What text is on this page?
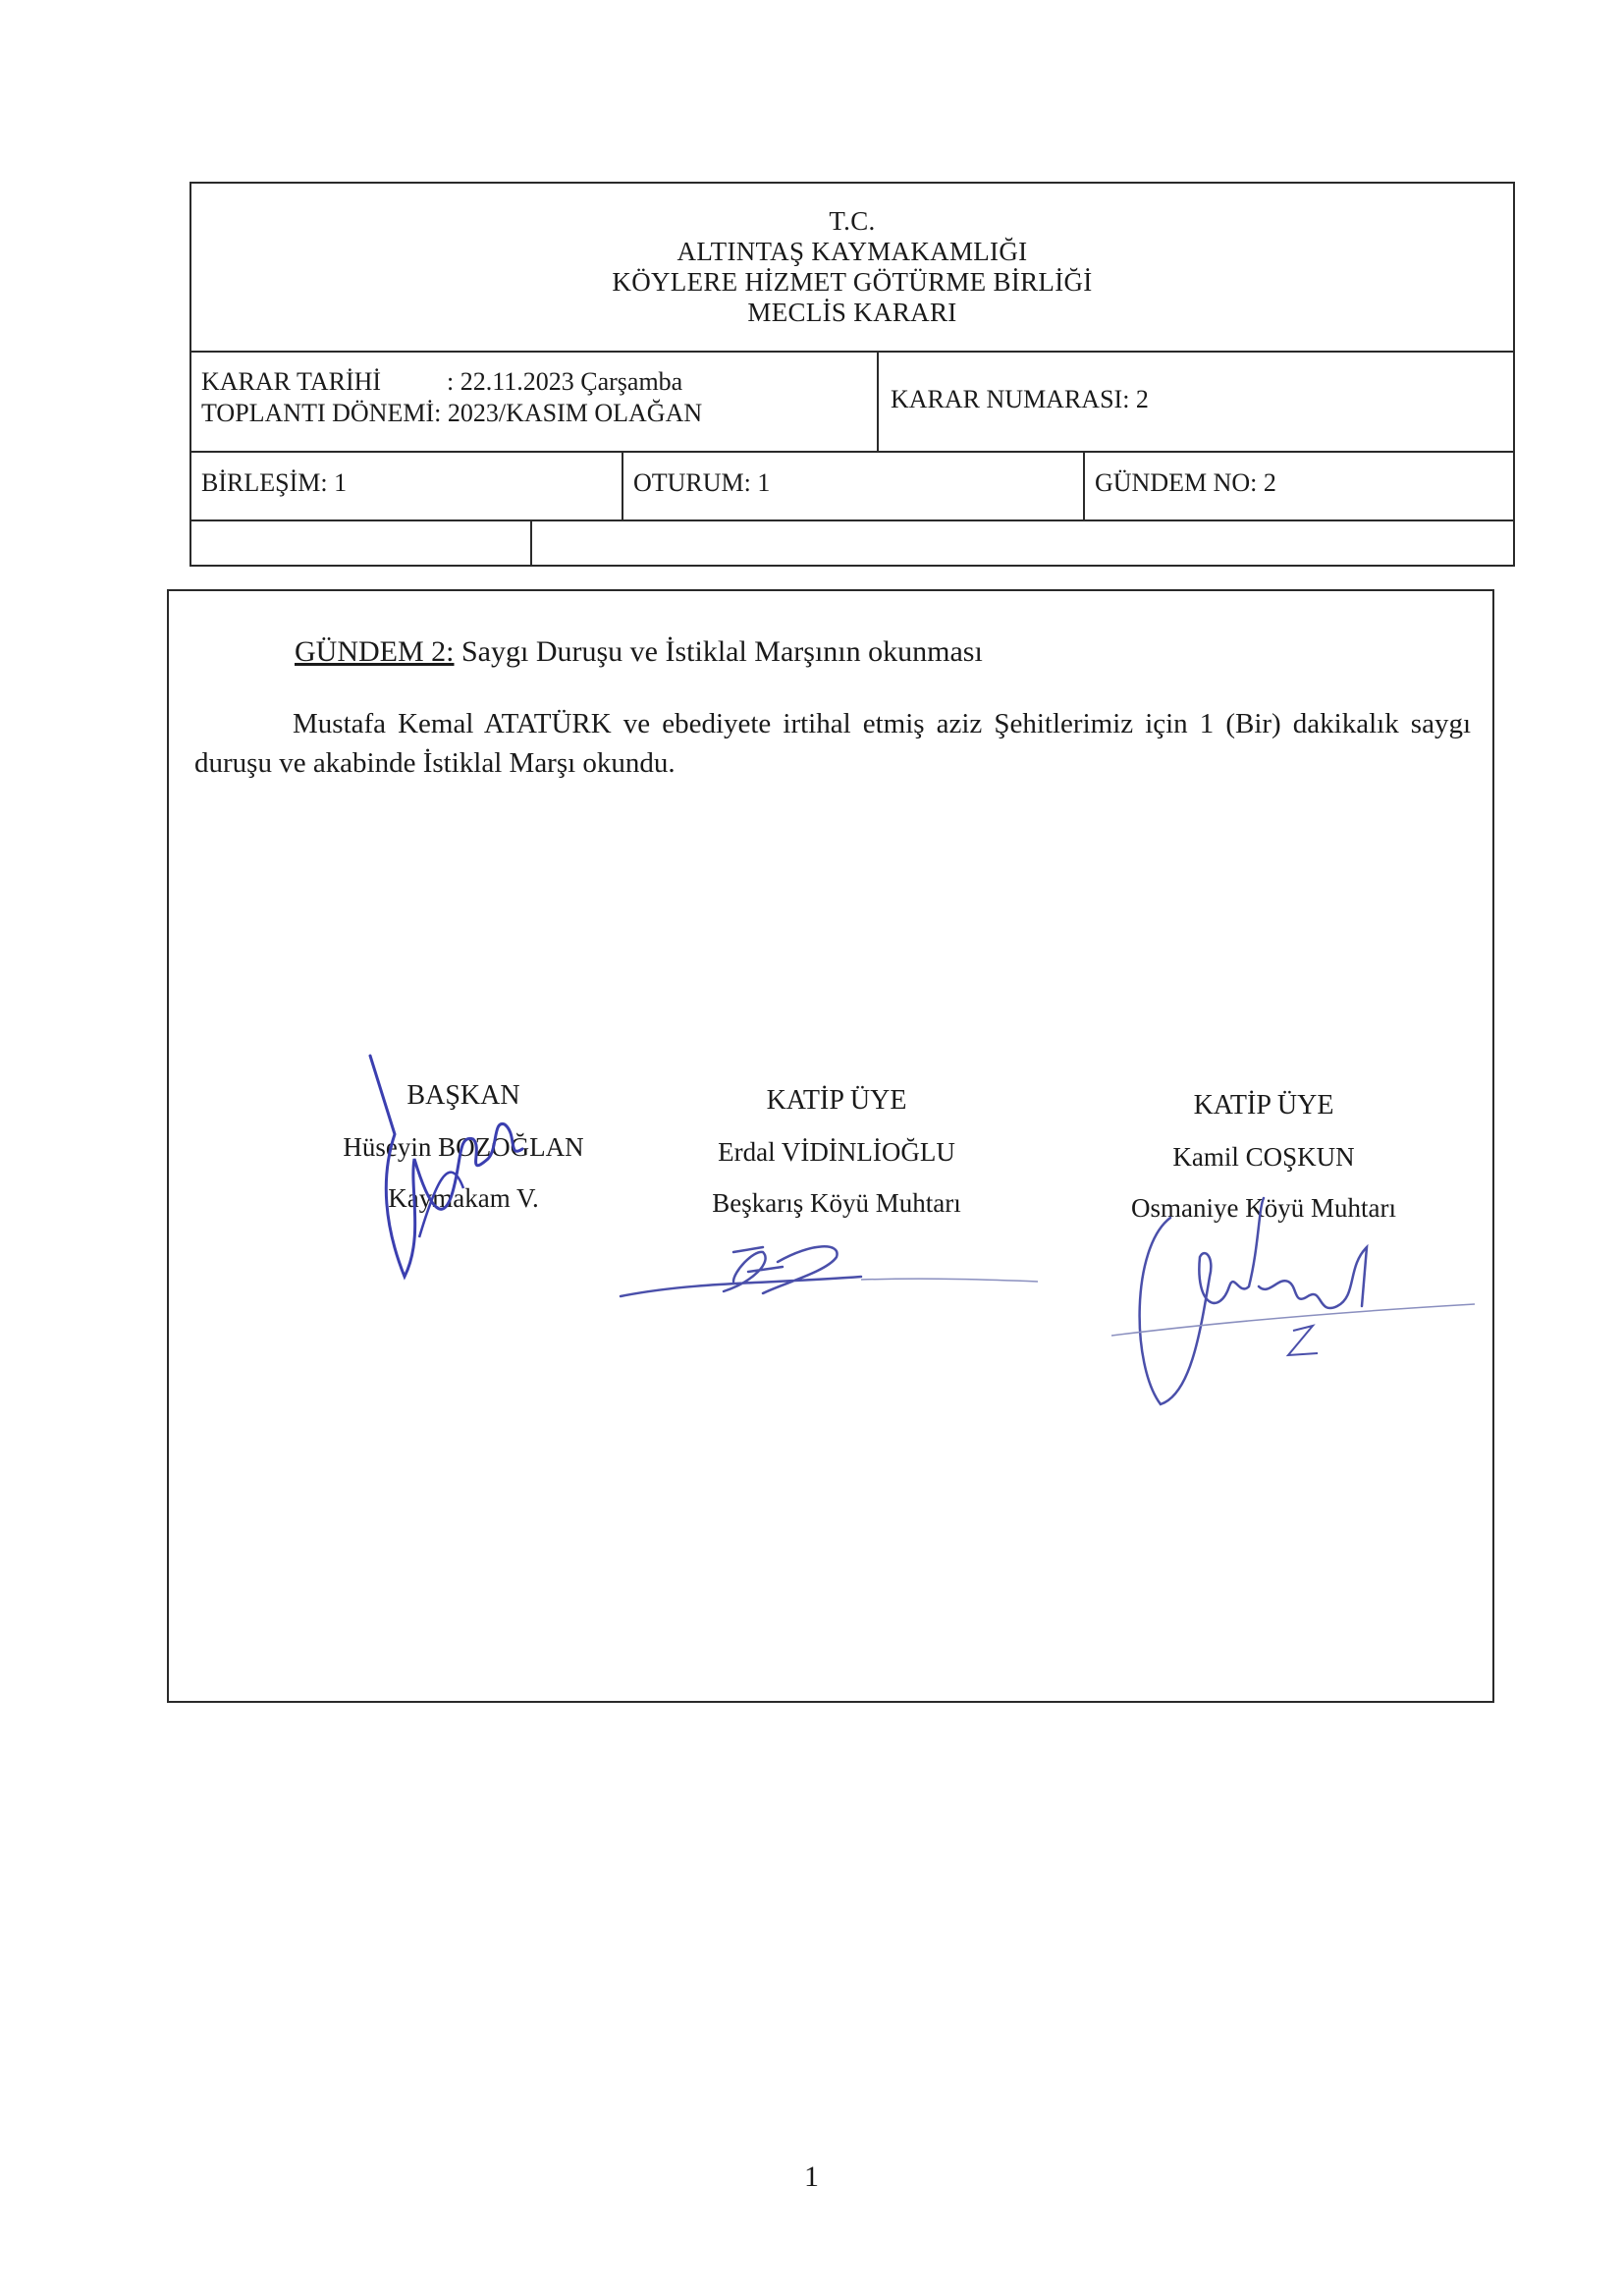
T.C.
ALTINTAŞ KAYMAKAMLIĞI
KÖYLERE HİZMET GÖTÜRME BİRLİĞİ
MECLİS KARARI
KARAR TARİHİ	: 22.11.2023 Çarşamba
TOPLANTI DÖNEMİ: 2023/KASIM OLAĞAN	KARAR NUMARASI: 2
BİRLEŞİM: 1	OTURUM: 1	GÜNDEM NO: 2
GÜNDEM 2: Saygı Duruşu ve İstiklal Marşının okunması
Mustafa Kemal ATATÜRK ve ebediyete irtihal etmiş aziz Şehitlerimiz için 1 (Bir) dakikalık saygı duruşu ve akabinde İstiklal Marşı okundu.
BAŞKAN
Hüseyin BOZOĞLAN
Kaymakam V.
KATİP ÜYE
Erdal VİDİNLİOĞLU
Beşkarış Köyü Muhtarı
KATİP ÜYE
Kamil COŞKUN
Osmaniye Köyü Muhtarı
1
